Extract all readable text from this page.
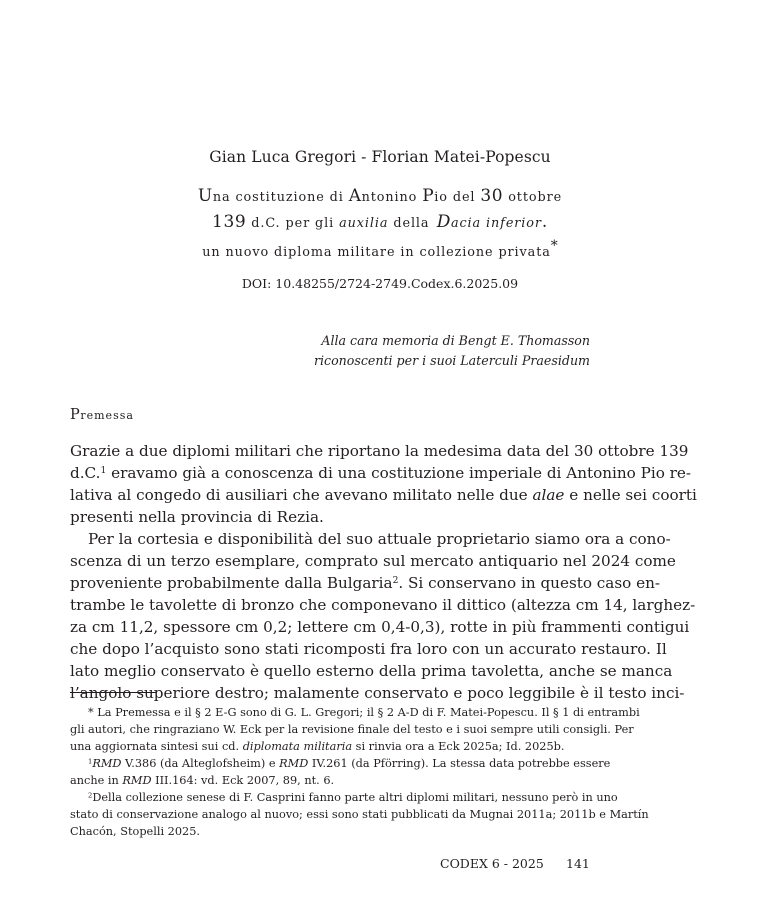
Gian Luca Gregori - Florian Matei-Popescu
Una costituzione di Antonino Pio del 30 ottobre
139 d.C. per gli auxilia della  Dacia inferior.
un nuovo diploma militare in collezione privata*
DOI: 10.48255/2724-2749.Codex.6.2025.09
Alla cara memoria di Bengt E. Thomasson
riconoscenti per i suoi Laterculi Praesidum
Premessa
Grazie a due diplomi militari che riportano la medesima data del 30 ottobre 139
d.C.$^1$ eravamo già a conoscenza di una costituzione imperiale di Antonino Pio re-
lativa al congedo di ausiliari che avevano militato nelle due alae e nelle sei coorti
presenti nella provincia di Rezia.
Per la cortesia e disponibilità del suo attuale proprietario siamo ora a cono-
scenza di un terzo esemplare, comprato sul mercato antiquario nel 2024 come
proveniente probabilmente dalla Bulgaria$^2$. Si conservano in questo caso en-
trambe le tavolette di bronzo che componevano il dittico (altezza cm 14, larghez-
za cm 11,2, spessore cm 0,2; lettere cm 0,4-0,3), rotte in più frammenti contigui
che dopo l’acquisto sono stati ricomposti fra loro con un accurato restauro. Il
lato meglio conservato è quello esterno della prima tavoletta, anche se manca
l’angolo superiore destro; malamente conservato e poco leggibile è il testo inci-
* La Premessa e il § 2 E-G sono di G. L. Gregori; il § 2 A-D di F. Matei-Popescu. Il § 1 di entrambi
gli autori, che ringraziano W. Eck per la revisione finale del testo e i suoi sempre utili consigli. Per
una aggiornata sintesi sui cd. diplomata militaria si rinvia ora a Eck 2025a; Id. 2025b.
$^1$RMD V.386 (da Alteglofsheim) e RMD IV.261 (da Pförring). La stessa data potrebbe essere
anche in RMD III.164: vd. Eck 2007, 89, nt. 6.
$^2$Della collezione senese di F. Casprini fanno parte altri diplomi militari, nessuno però in uno
stato di conservazione analogo al nuovo; essi sono stati pubblicati da Mugnai 2011a; 2011b e Martín
Chacón, Stopelli 2025.
CODEX 6 - 2025 141
